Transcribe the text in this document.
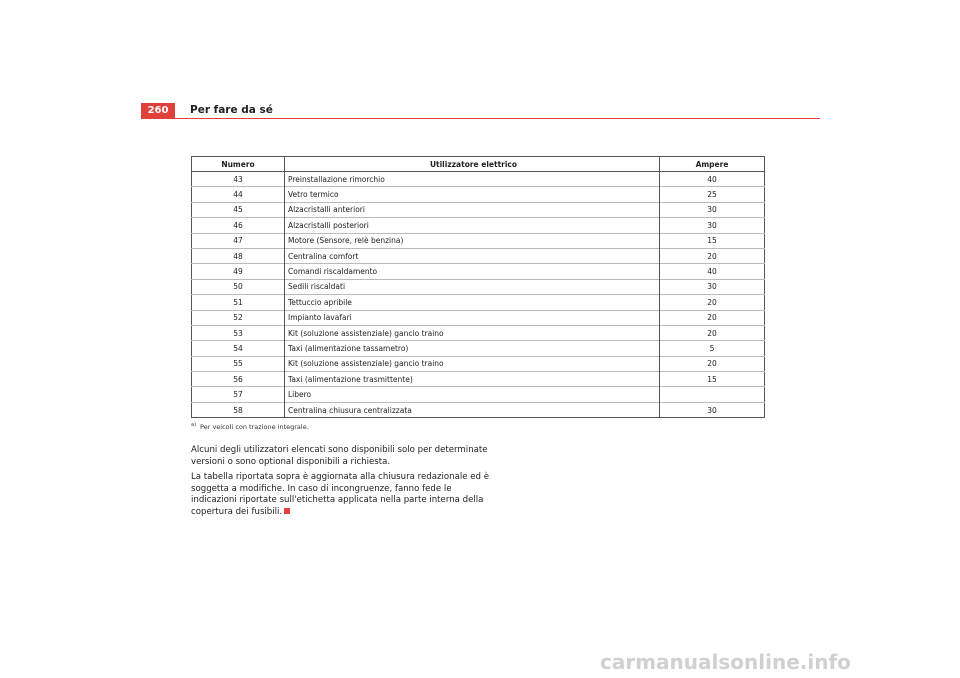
260	Per fare da sé
Numero	Utilizzatore elettrico	Ampere
43	Preinstallazione rimorchio	40
44	Vetro termico	25
45	Alzacristalli anteriori	30
46	Alzacristalli posteriori	30
47	Motore (Sensore, relè benzina)	15
48	Centralina comfort	20
49	Comandi riscaldamento	40
50	Sedili riscaldati	30
51	Tettuccio apribile	20
52	Impianto lavafari	20
53	Kit (soluzione assistenziale) gancio traino	20
54	Taxi (alimentazione tassametro)	5
55	Kit (soluzione assistenziale) gancio traino	20
56	Taxi (alimentazione trasmittente)	15
57	Libero	
58	Centralina chiusura centralizzata	30
$^{a)}$ Per veicoli con trazione integrale.
Alcuni degli utilizzatori elencati sono disponibili solo per determinate versioni o sono optional disponibili a richiesta.
La tabella riportata sopra è aggiornata alla chiusura redazionale ed è soggetta a modifiche. In caso di incongruenze, fanno fede le indicazioni riportate sull'etichetta applicata nella parte interna della copertura dei fusibili.
carmanualsonline.info
